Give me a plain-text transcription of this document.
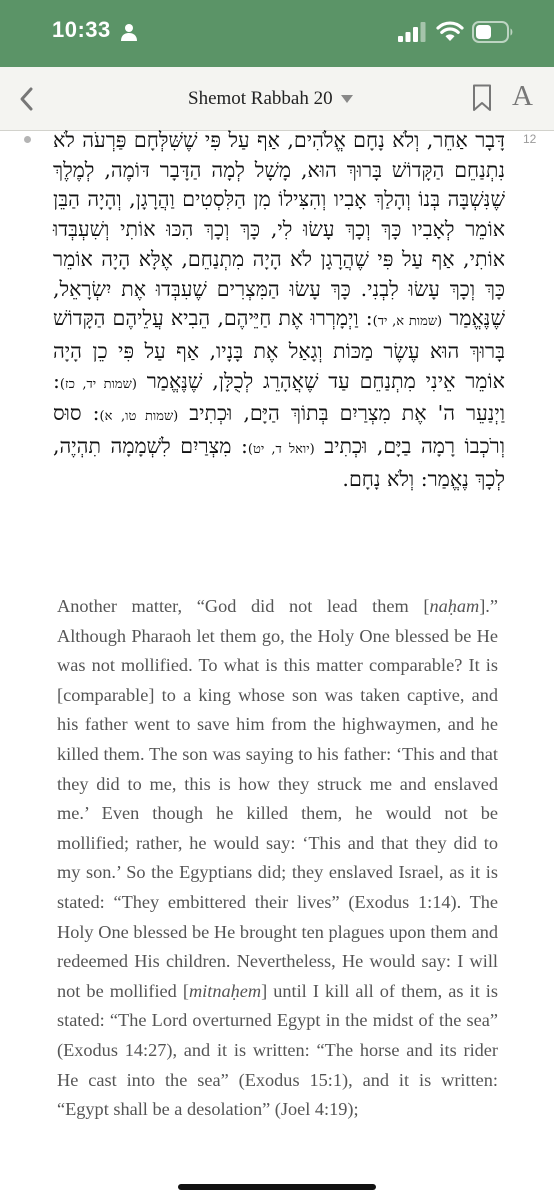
10:33
Shemot Rabbah 20	A
12
דָּבָר אַחֵר, וְלֹא נָחָם אֱלֹהִים, אַף עַל פִּי שֶׁשִּׁלְּחָם פַּרְעֹה לֹא נִתְנַחֵם הַקָּדוֹשׁ בָּרוּךְ הוּא, מָשָׁל לְמָה הַדָּבָר דּוֹמֶה, לְמֶלֶךְ שֶׁנִּשְׁבָּה בְּנוֹ וְהָלַךְ אָבִיו וְהִצִּילוֹ מִן הַלִּסְטִים וַהֲרָגָן, וְהָיָה הַבֵּן אוֹמֵר לְאָבִיו כָּךְ וְכָךְ עָשׂוּ לִי, כָּךְ וְכָךְ הִכּוּ אוֹתִי וְשִׁעְבְּדוּ אוֹתִי, אַף עַל פִּי שֶׁהֲרָגָן לֹא הָיָה מִתְנַחֵם, אֶלָּא הָיָה אוֹמֵר כָּךְ וְכָךְ עָשׂוּ לִבְנִי. כָּךְ עָשׂוּ הַמִּצְרִים שֶׁעִבְּדוּ אֶת יִשְׂרָאֵל, שֶׁנֶּאֱמַר (שמות א, יד): וַיְמָרְרוּ אֶת חַיֵּיהֶם, הֵבִיא עֲלֵיהֶם הַקָּדוֹשׁ בָּרוּךְ הוּא עֶשֶׂר מַכּוֹת וְגָאַל אֶת בָּנָיו, אַף עַל פִּי כֵן הָיָה אוֹמֵר אֵינִי מִתְנַחֵם עַד שֶׁאֲהָרֵג לְכֻלָּן, שֶׁנֶּאֱמַר (שמות יד, כז): וַיְנַעֵר ה' אֶת מִצְרַיִם בְּתוֹךְ הַיָּם, וּכְתִיב (שמות טו, א): סוּס וְרֹכְבוֹ רָמָה בַיָּם, וּכְתִיב (יואל ד, יט): מִצְרַיִם לִשְׁמָמָה תִהְיֶה, לְכָךְ נֶאֱמַר: וְלֹא נָחָם.
Another matter, “God did not lead them [naḥam].” Although Pharaoh let them go, the Holy One blessed be He was not mollified. To what is this matter comparable? It is [comparable] to a king whose son was taken captive, and his father went to save him from the highwaymen, and he killed them. The son was saying to his father: ‘This and that they did to me, this is how they struck me and enslaved me.’ Even though he killed them, he would not be mollified; rather, he would say: ‘This and that they did to my son.’ So the Egyptians did; they enslaved Israel, as it is stated: “They embittered their lives” (Exodus 1:14). The Holy One blessed be He brought ten plagues upon them and redeemed His children. Nevertheless, He would say: I will not be mollified [mitnaḥem] until I kill all of them, as it is stated: “The Lord overturned Egypt in the midst of the sea” (Exodus 14:27), and it is written: “The horse and its rider He cast into the sea” (Exodus 15:1), and it is written: “Egypt shall be a desolation” (Joel 4:19);
